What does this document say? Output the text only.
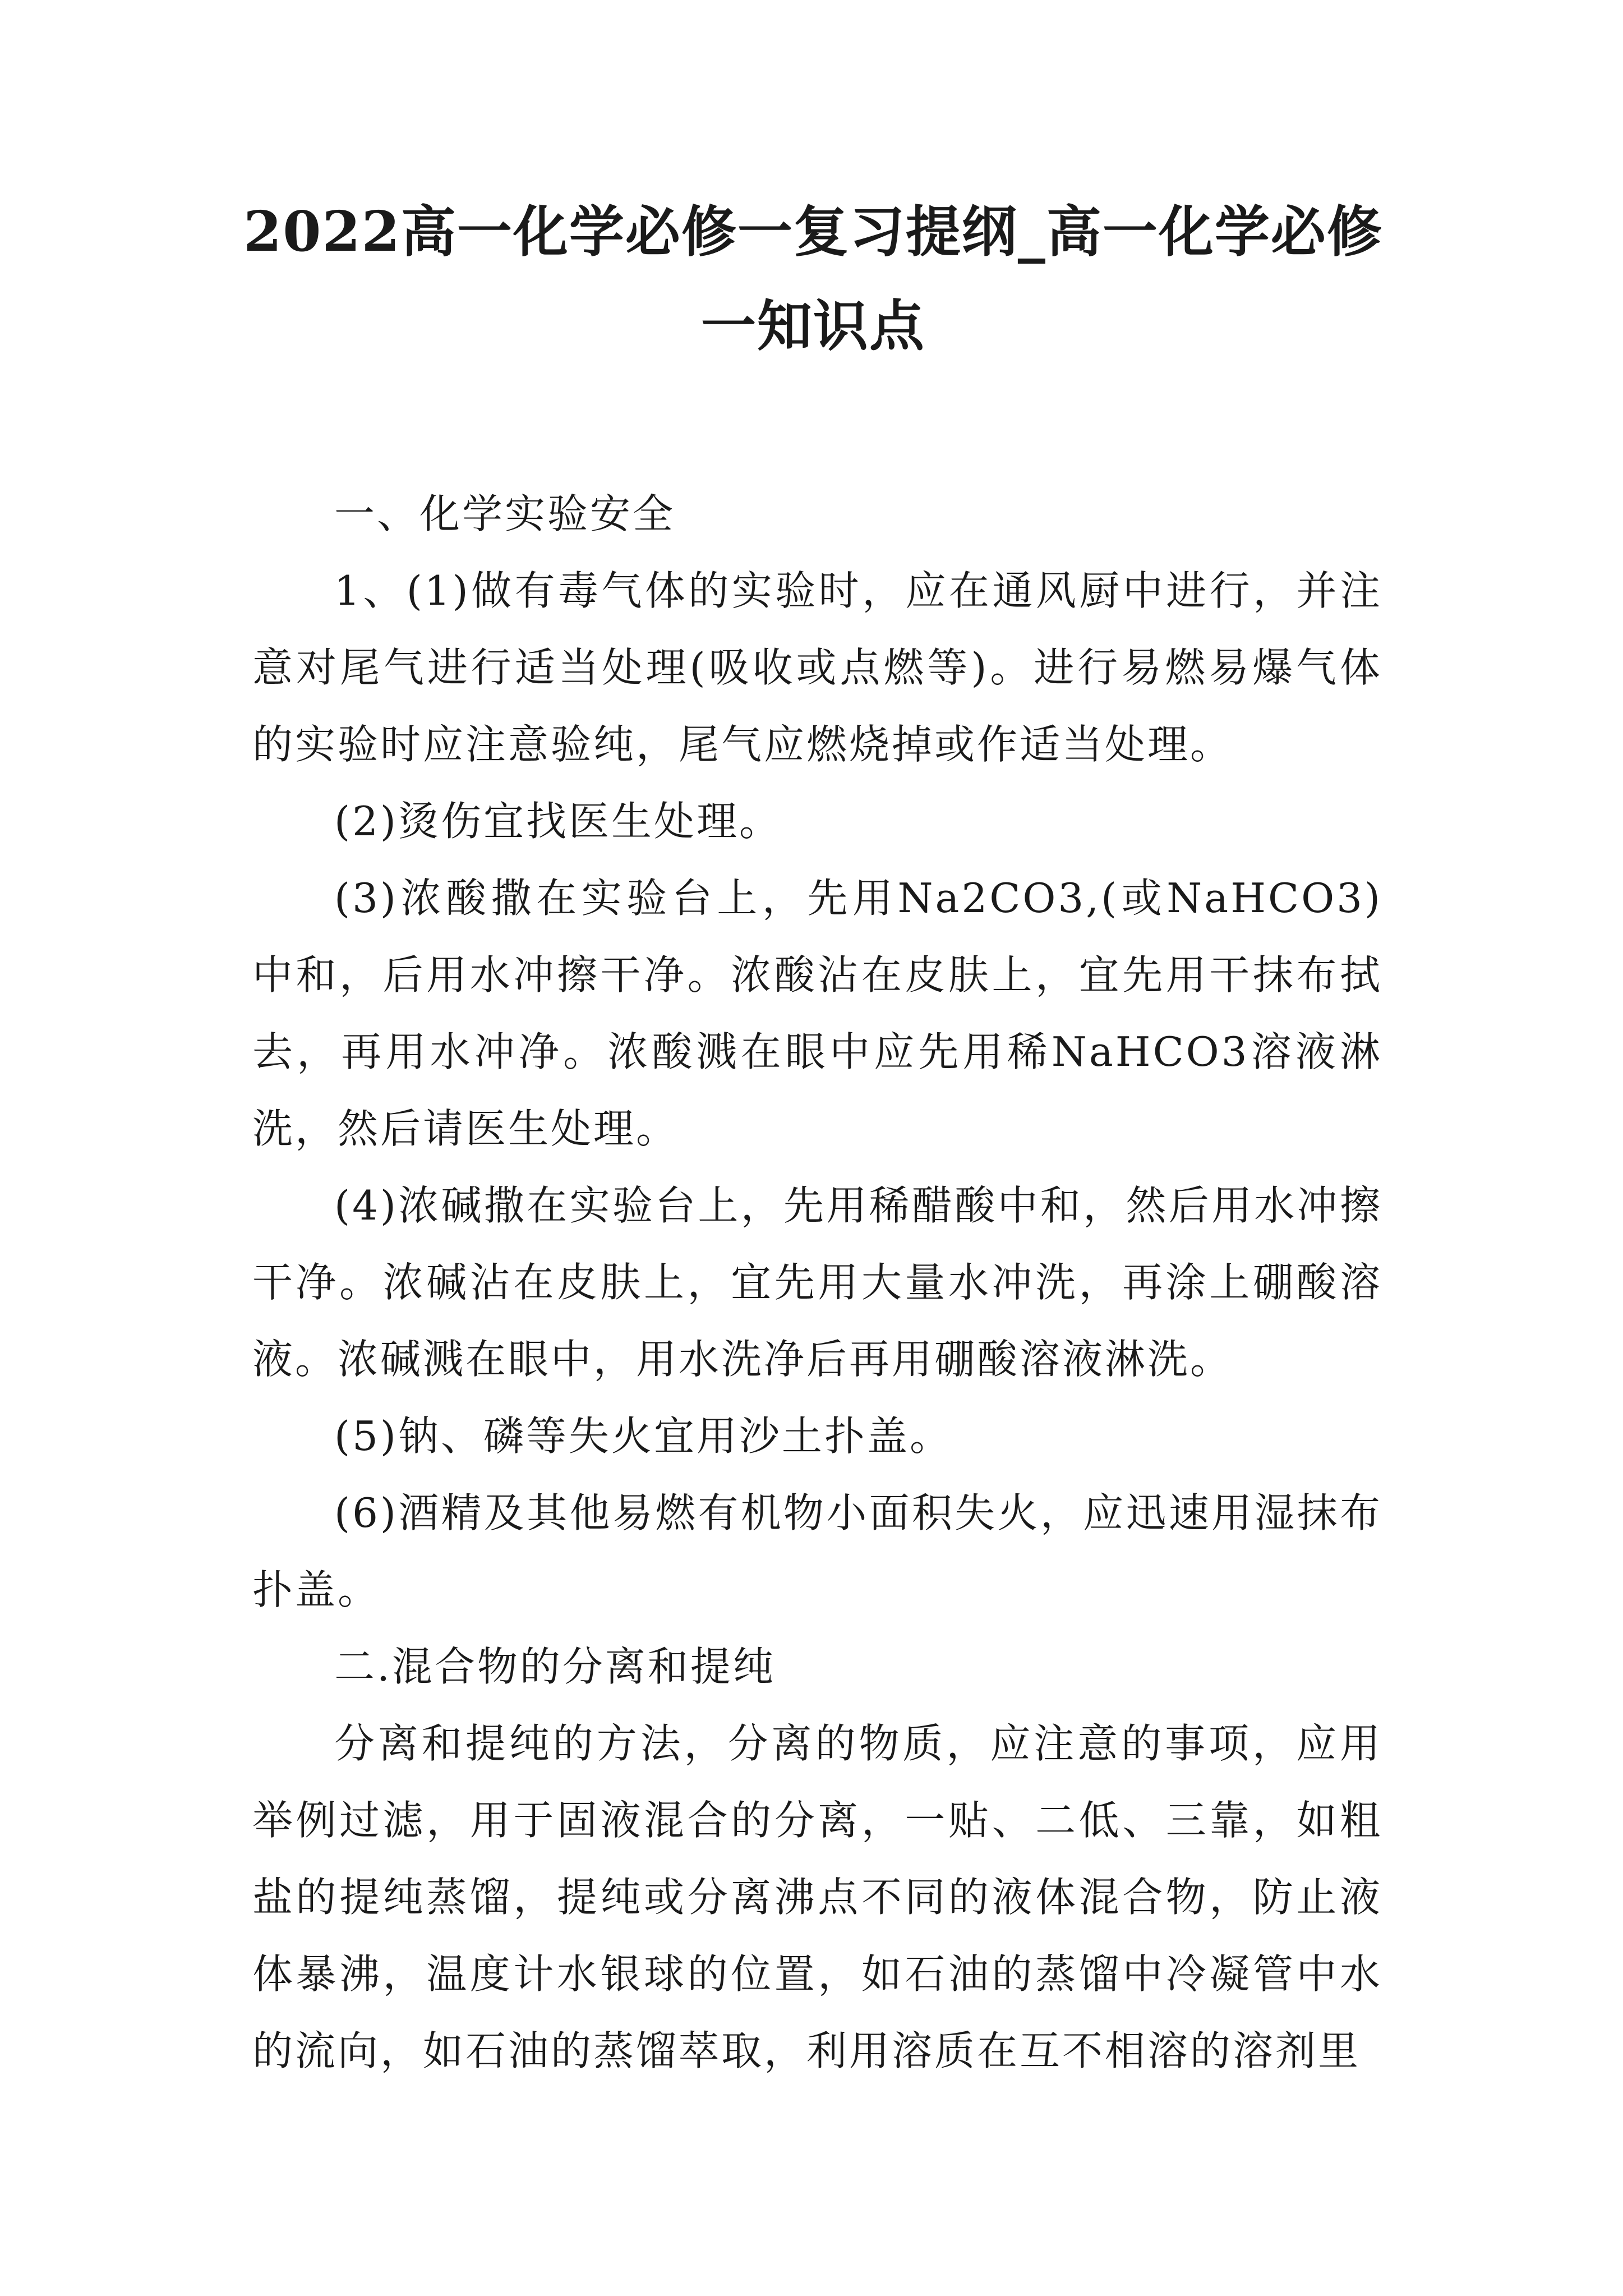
2022高一化学必修一复习提纲_高一化学必修一知识点

一、化学实验安全

1、(1)做有毒气体的实验时，应在通风厨中进行，并注意对尾气进行适当处理(吸收或点燃等)。进行易燃易爆气体的实验时应注意验纯，尾气应燃烧掉或作适当处理。

(2)烫伤宜找医生处理。

(3)浓酸撒在实验台上，先用Na2CO3,(或NaHCO3)中和，后用水冲擦干净。浓酸沾在皮肤上，宜先用干抹布拭去，再用水冲净。浓酸溅在眼中应先用稀NaHCO3溶液淋洗，然后请医生处理。

(4)浓碱撒在实验台上，先用稀醋酸中和，然后用水冲擦干净。浓碱沾在皮肤上，宜先用大量水冲洗，再涂上硼酸溶液。浓碱溅在眼中，用水洗净后再用硼酸溶液淋洗。

(5)钠、磷等失火宜用沙土扑盖。

(6)酒精及其他易燃有机物小面积失火，应迅速用湿抹布扑盖。

二.混合物的分离和提纯

分离和提纯的方法，分离的物质，应注意的事项，应用举例过滤，用于固液混合的分离，一贴、二低、三靠，如粗盐的提纯蒸馏，提纯或分离沸点不同的液体混合物，防止液体暴沸，温度计水银球的位置，如石油的蒸馏中冷凝管中水的流向，如石油的蒸馏萃取，利用溶质在互不相溶的溶剂里
